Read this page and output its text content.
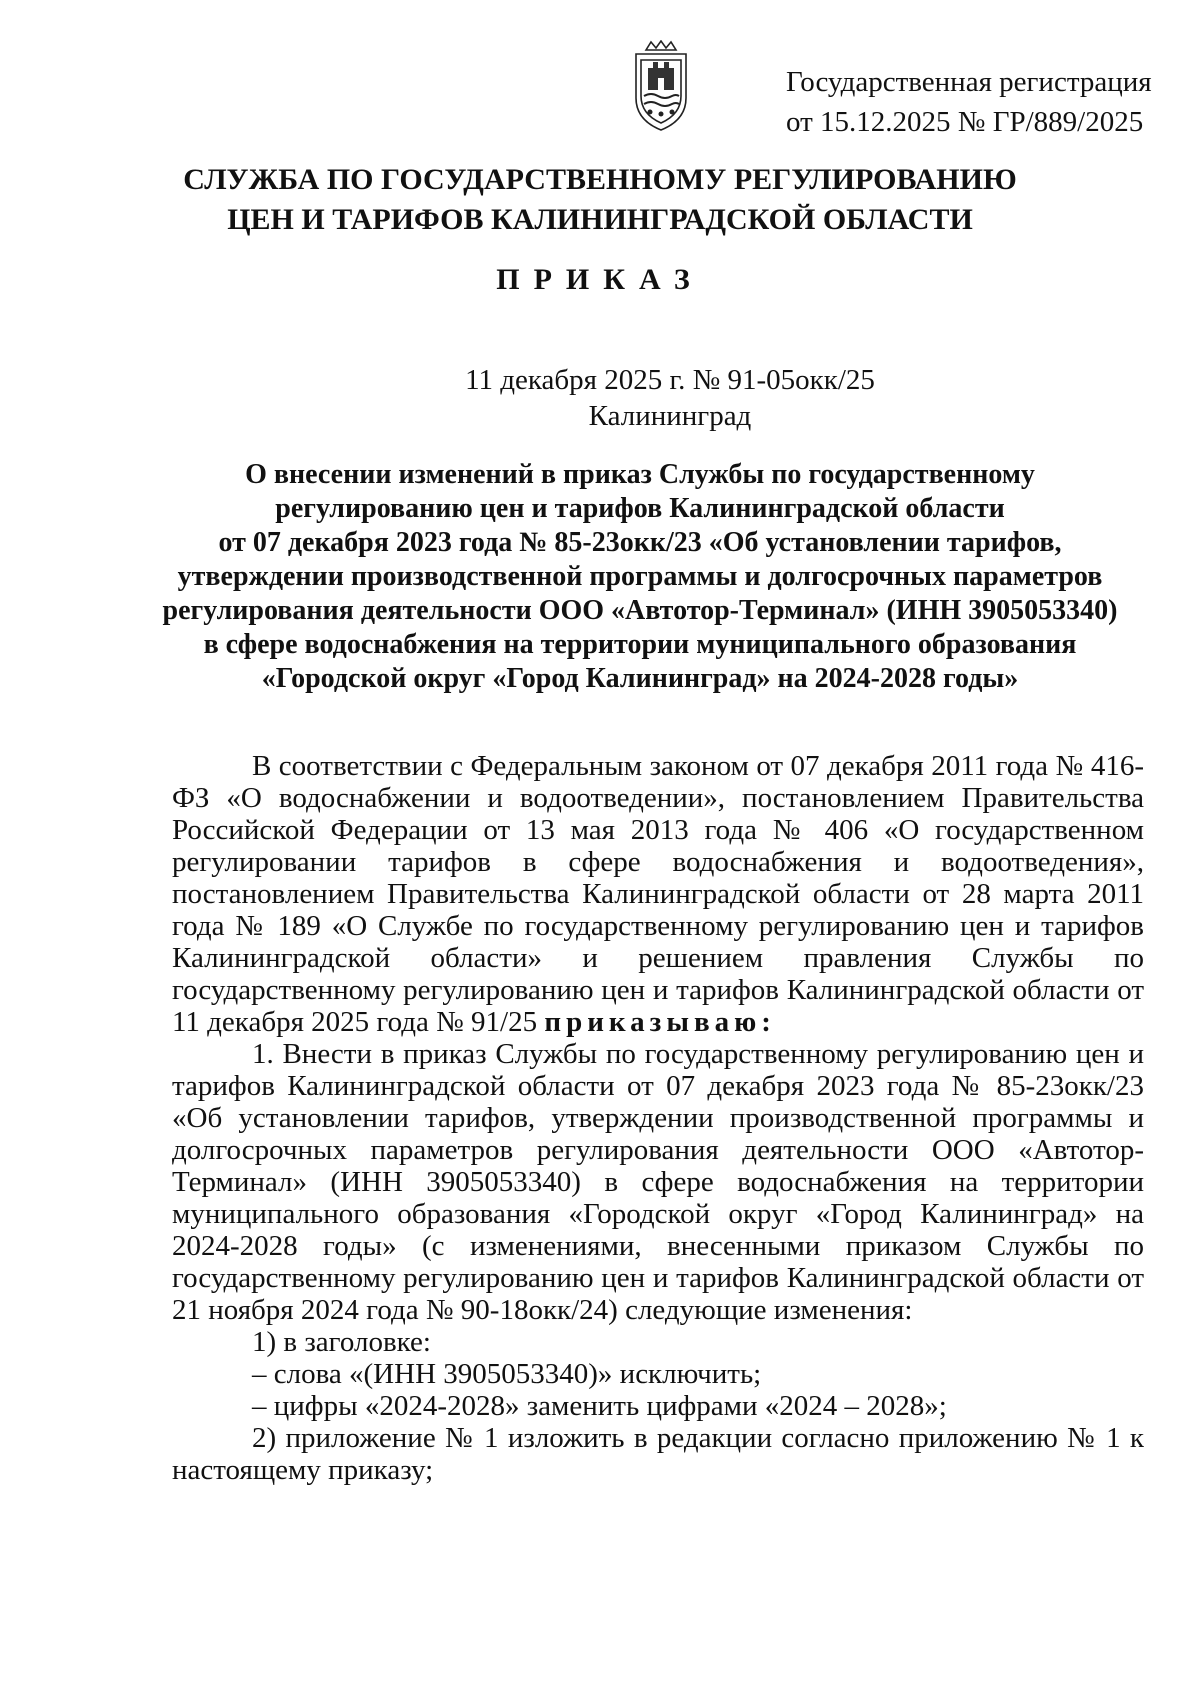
Государственная регистрация
от 15.12.2025 № ГР/889/2025
СЛУЖБА ПО ГОСУДАРСТВЕННОМУ РЕГУЛИРОВАНИЮ
ЦЕН И ТАРИФОВ КАЛИНИНГРАДСКОЙ ОБЛАСТИ
ПРИКАЗ
11 декабря 2025 г. № 91-05окк/25
Калининград
О внесении изменений в приказ Службы по государственному
регулированию цен и тарифов Калининградской области
от 07 декабря 2023 года № 85-23окк/23 «Об установлении тарифов,
утверждении производственной программы и долгосрочных параметров
регулирования деятельности ООО «Автотор-Терминал» (ИНН 3905053340)
в сфере водоснабжения на территории муниципального образования
«Городской округ «Город Калининград» на 2024-2028 годы»

В соответствии с Федеральным законом от 07 декабря 2011 года № 416-ФЗ «О водоснабжении и водоотведении», постановлением Правительства Российской Федерации от 13 мая 2013 года № 406 «О государственном регулировании тарифов в сфере водоснабжения и водоотведения», постановлением Правительства Калининградской области от 28 марта 2011 года № 189 «О Службе по государственному регулированию цен и тарифов Калининградской области» и решением правления Службы по государственному регулированию цен и тарифов Калининградской области от 11 декабря 2025 года № 91/25 приказываю:

1. Внести в приказ Службы по государственному регулированию цен и тарифов Калининградской области от 07 декабря 2023 года № 85-23окк/23 «Об установлении тарифов, утверждении производственной программы и долгосрочных параметров регулирования деятельности ООО «Автотор-Терминал» (ИНН 3905053340) в сфере водоснабжения на территории муниципального образования «Городской округ «Город Калининград» на 2024-2028 годы» (с изменениями, внесенными приказом Службы по государственному регулированию цен и тарифов Калининградской области от 21 ноября 2024 года № 90-18окк/24) следующие изменения:

1) в заголовке:

– слова «(ИНН 3905053340)» исключить;

– цифры «2024-2028» заменить цифрами «2024 – 2028»;

2) приложение № 1 изложить в редакции согласно приложению № 1 к настоящему приказу;
